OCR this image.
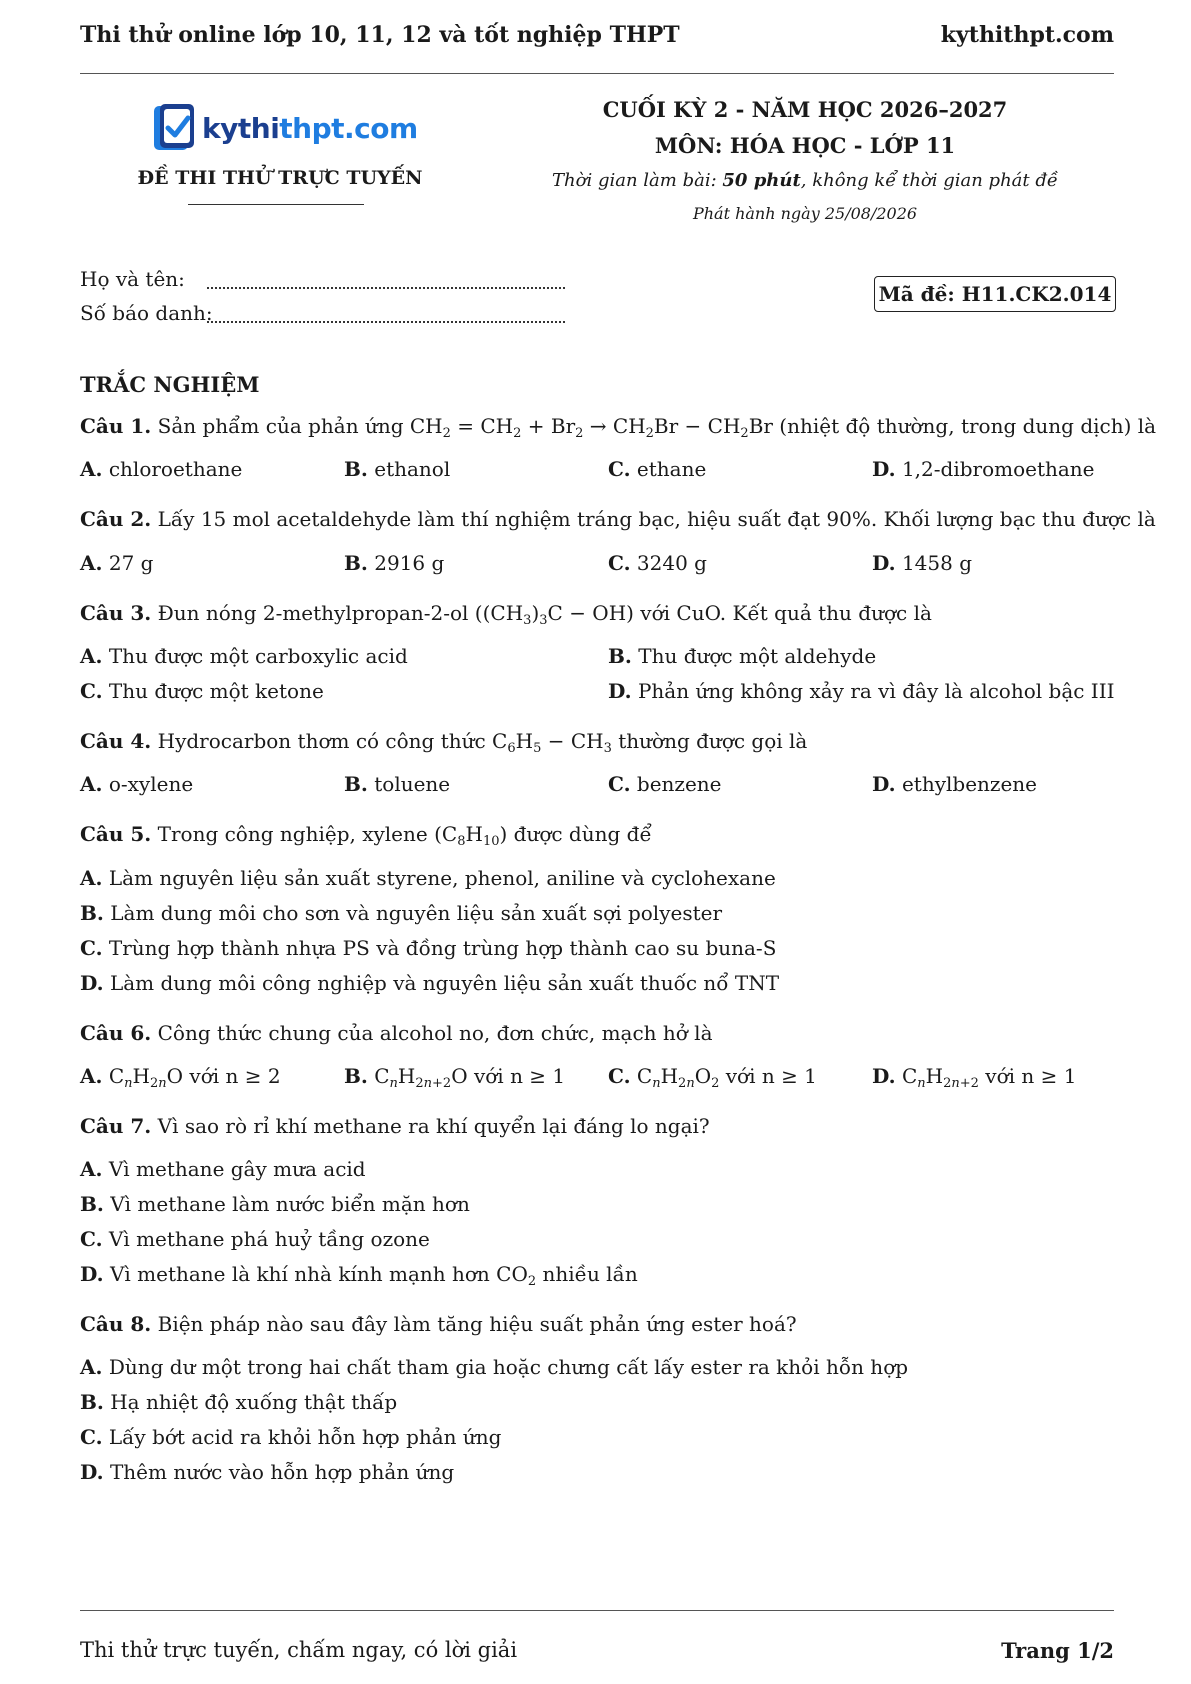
Thi thử online lớp 10, 11, 12 và tốt nghiệp THPT	kythithpt.com
kythithpt.com
ĐỀ THI THỬ TRỰC TUYẾN
CUỐI KỲ 2 - NĂM HỌC 2026–2027
MÔN: HÓA HỌC - LỚP 11
Thời gian làm bài: 50 phút, không kể thời gian phát đề
Phát hành ngày 25/08/2026
Họ và tên:
Số báo danh:
Mã đề: H11.CK2.014
TRẮC NGHIỆM
Câu 1. Sản phẩm của phản ứng $CH_2 = CH_2 + Br_2 \to CH_2Br - CH_2Br$ (nhiệt độ thường, trong dung dịch) là
A. chloroethane	B. ethanol	C. ethane	D. 1,2-dibromoethane
Câu 2. Lấy 15 mol acetaldehyde làm thí nghiệm tráng bạc, hiệu suất đạt 90%. Khối lượng bạc thu được là
A. 27 g	B. 2916 g	C. 3240 g	D. 1458 g
Câu 3. Đun nóng 2-methylpropan-2-ol $((CH_3)_3C - OH)$ với CuO. Kết quả thu được là
A. Thu được một carboxylic acid	B. Thu được một aldehyde
C. Thu được một ketone	D. Phản ứng không xảy ra vì đây là alcohol bậc III
Câu 4. Hydrocarbon thơm có công thức $C_6H_5 - CH_3$ thường được gọi là
A. o-xylene	B. toluene	C. benzene	D. ethylbenzene
Câu 5. Trong công nghiệp, xylene $(C_8H_{10})$ được dùng để
A. Làm nguyên liệu sản xuất styrene, phenol, aniline và cyclohexane
B. Làm dung môi cho sơn và nguyên liệu sản xuất sợi polyester
C. Trùng hợp thành nhựa PS và đồng trùng hợp thành cao su buna-S
D. Làm dung môi công nghiệp và nguyên liệu sản xuất thuốc nổ TNT
Câu 6. Công thức chung của alcohol no, đơn chức, mạch hở là
A. $C_nH_{2n}O$ với n ≥ 2	B. $C_nH_{2n+2}O$ với n ≥ 1 C. $C_nH_{2n}O_2$ với n ≥ 1	D. $C_nH_{2n+2}$ với n ≥ 1
Câu 7. Vì sao rò rỉ khí methane ra khí quyển lại đáng lo ngại?
A. Vì methane gây mưa acid
B. Vì methane làm nước biển mặn hơn
C. Vì methane phá huỷ tầng ozone
D. Vì methane là khí nhà kính mạnh hơn $CO_2$ nhiều lần
Câu 8. Biện pháp nào sau đây làm tăng hiệu suất phản ứng ester hoá?
A. Dùng dư một trong hai chất tham gia hoặc chưng cất lấy ester ra khỏi hỗn hợp
B. Hạ nhiệt độ xuống thật thấp
C. Lấy bớt acid ra khỏi hỗn hợp phản ứng
D. Thêm nước vào hỗn hợp phản ứng
Thi thử trực tuyến, chấm ngay, có lời giải	Trang 1/2
